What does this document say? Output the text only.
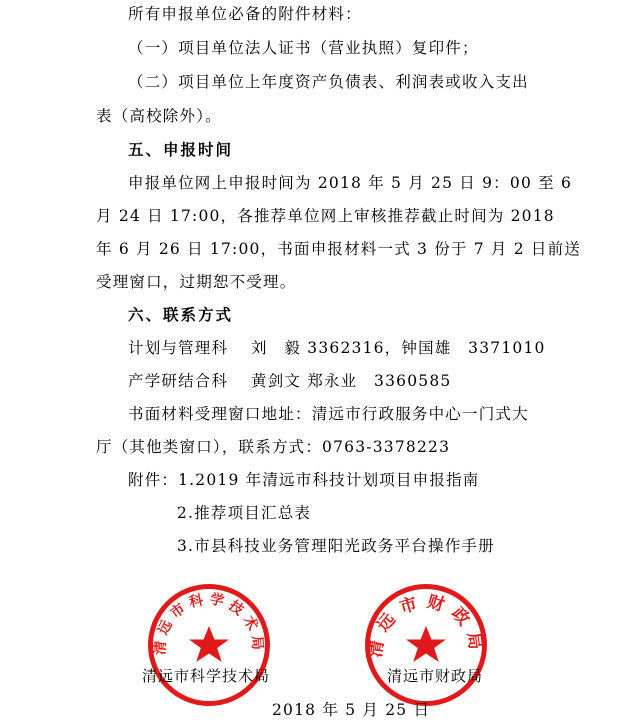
所有申报单位必备的附件材料：
（一）项目单位法人证书（营业执照）复印件；
（二）项目单位上年度资产负债表、利润表或收入支出
表（高校除外）。
五、申报时间
申报单位网上申报时间为 2018 年 5 月 25 日 9：00 至 6
月 24 日 17:00，各推荐单位网上审核推荐截止时间为 2018
年 6 月 26 日 17:00，书面申报材料一式 3 份于 7 月 2 日前送
受理窗口，过期恕不受理。
六、联系方式
计划与管理科　 刘　毅 3362316，钟国雄　3371010
产学研结合科　 黄剑文 郑永业　3360585
书面材料受理窗口地址：清远市行政服务中心一门式大
厅（其他类窗口），联系方式：0763-3378223
附件：1.2019 年清远市科技计划项目申报指南
2.推荐项目汇总表
3.市县科技业务管理阳光政务平台操作手册
清远市科学技术局	清远市财政局
清远市科学技术局	清远市财政局
2018 年 5 月 25 日
